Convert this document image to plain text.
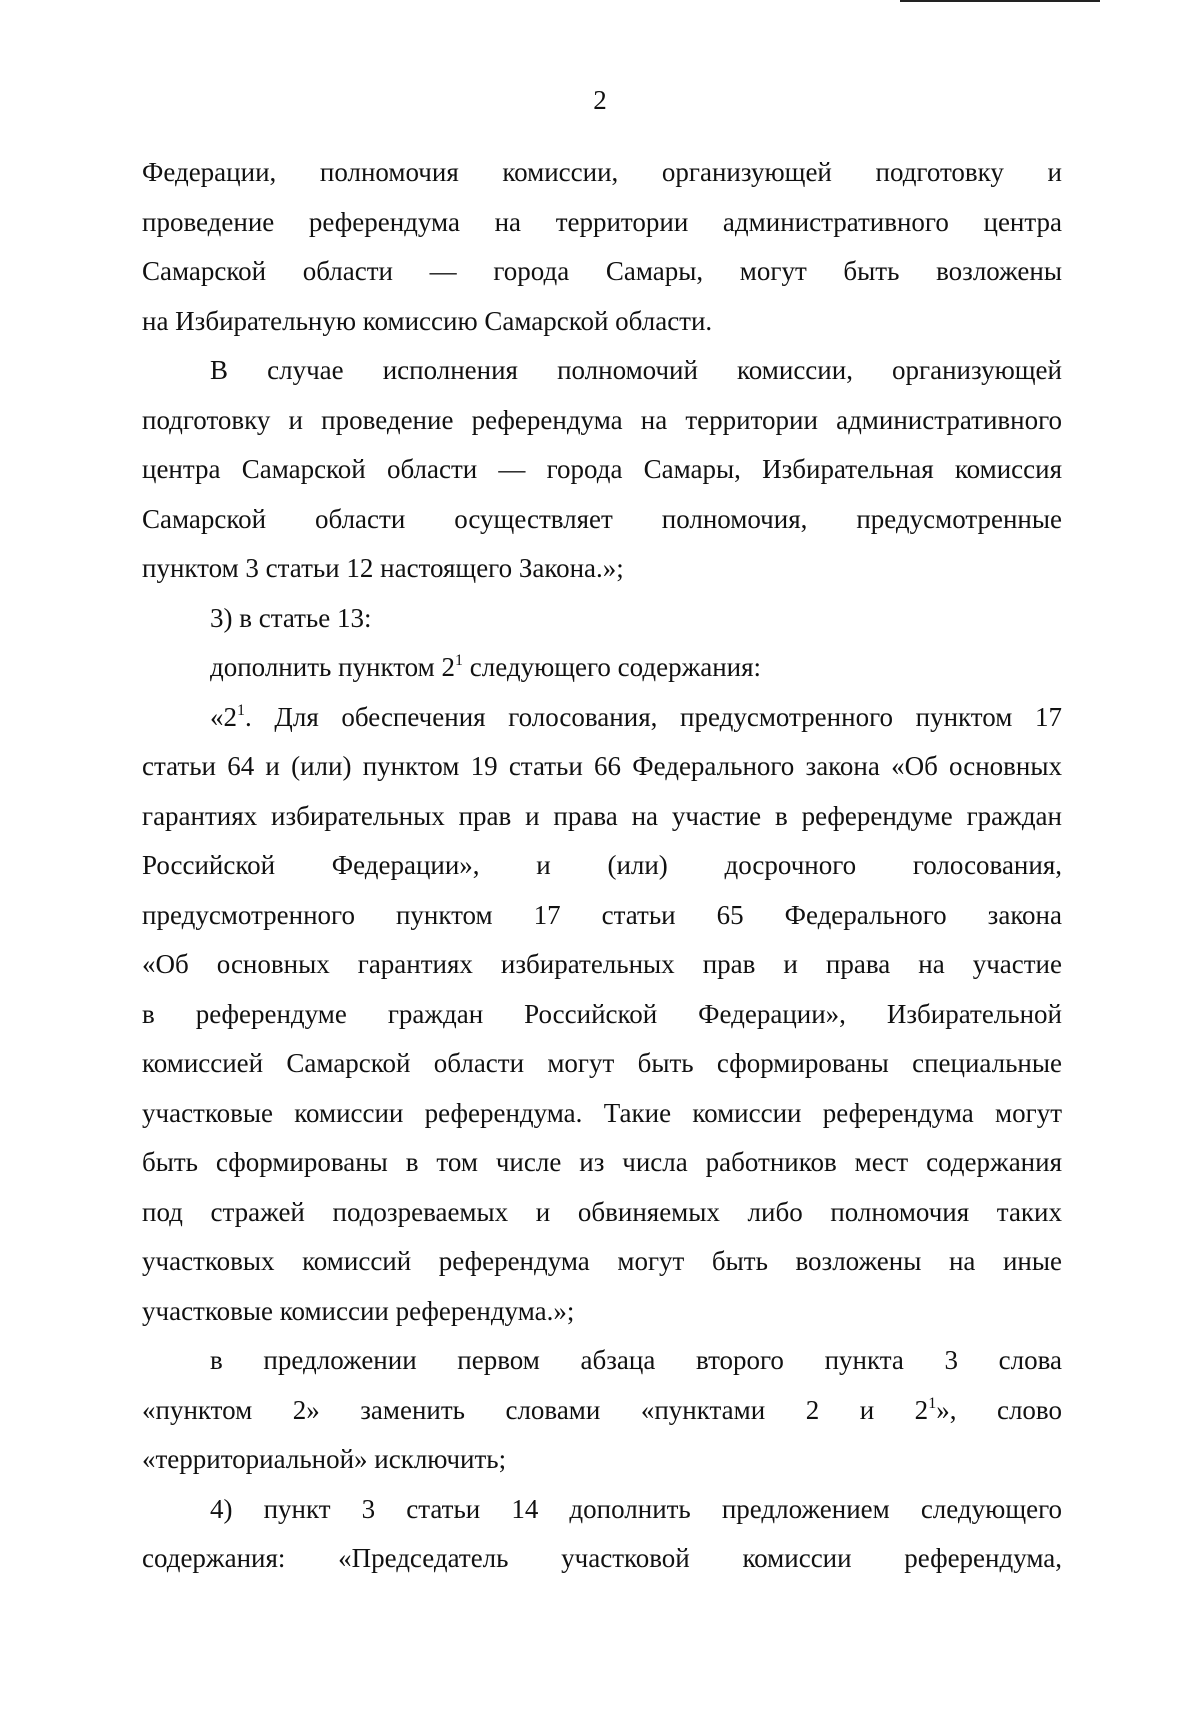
2
Федерации, полномочия комиссии, организующей подготовку и
проведение референдума на территории административного центра
Самарской области — города Самары, могут быть возложены
на Избирательную комиссию Самарской области.
В случае исполнения полномочий комиссии, организующей
подготовку и проведение референдума на территории административного
центра Самарской области — города Самары, Избирательная комиссия
Самарской области осуществляет полномочия, предусмотренные
пунктом 3 статьи 12 настоящего Закона.»;
3) в статье 13:
дополнить пунктом $2^1$ следующего содержания:
«$2^1$. Для обеспечения голосования, предусмотренного пунктом 17
статьи 64 и (или) пунктом 19 статьи 66 Федерального закона «Об основных
гарантиях избирательных прав и права на участие в референдуме граждан
Российской Федерации», и (или) досрочного голосования,
предусмотренного пунктом 17 статьи 65 Федерального закона
«Об основных гарантиях избирательных прав и права на участие
в референдуме граждан Российской Федерации», Избирательной
комиссией Самарской области могут быть сформированы специальные
участковые комиссии референдума. Такие комиссии референдума могут
быть сформированы в том числе из числа работников мест содержания
под стражей подозреваемых и обвиняемых либо полномочия таких
участковых комиссий референдума могут быть возложены на иные
участковые комиссии референдума.»;
в предложении первом абзаца второго пункта 3 слова
«пунктом 2» заменить словами «пунктами 2 и $2^1$», слово
«территориальной» исключить;
4) пункт 3 статьи 14 дополнить предложением следующего
содержания: «Председатель участковой комиссии референдума,
